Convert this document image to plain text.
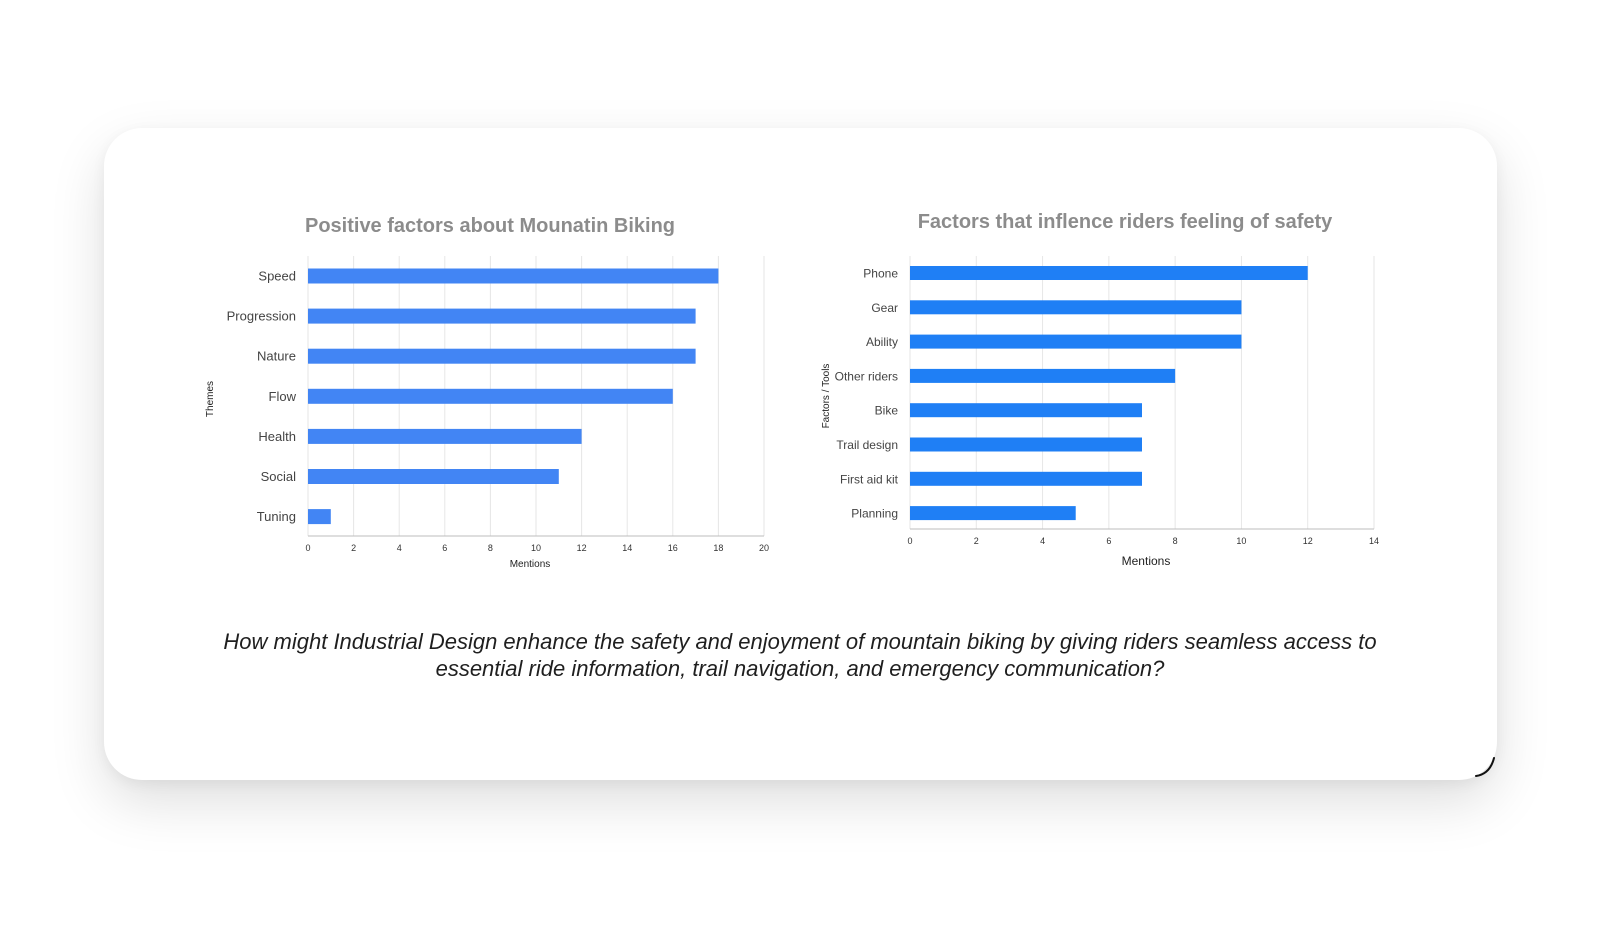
Speed
Progression
Nature
Flow
Health
Social
Tuning
0	2	4	6	8	10	12	14	16	18	20
Positive factors about Mounatin Biking
Mentions
Themes
Phone
Gear
Ability
Other riders
Bike
Trail design
First aid kit
Planning
0	2	4	6	8	10	12	14
Factors that inflence riders feeling of safety
Mentions
Factors / Tools
How might Industrial Design enhance the safety and enjoyment of mountain biking by giving riders seamless access to essential ride information, trail navigation, and emergency communication?
